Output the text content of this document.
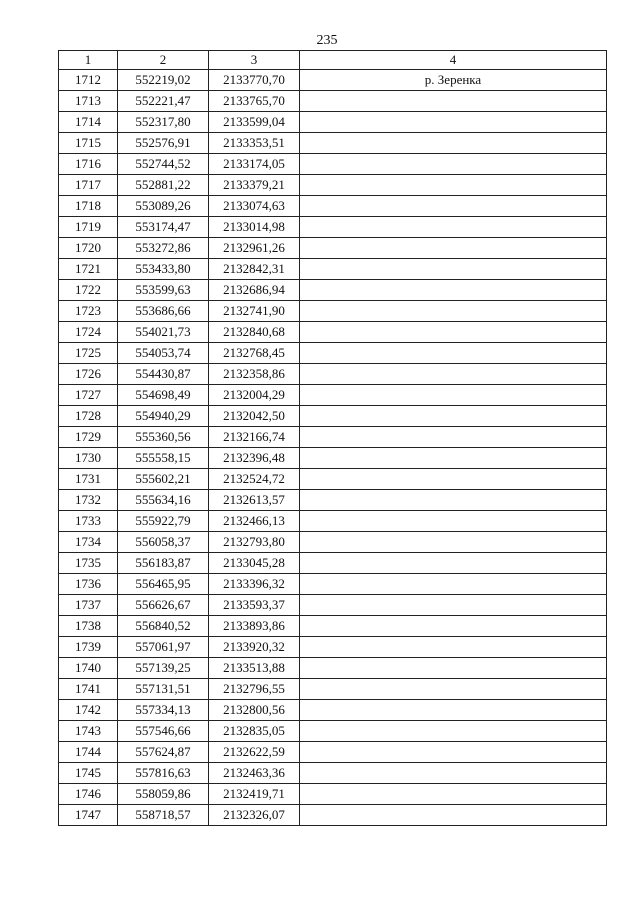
235
1	2	3	4
1712	552219,02	2133770,70	р. Зеренка
1713	552221,47	2133765,70	
1714	552317,80	2133599,04	
1715	552576,91	2133353,51	
1716	552744,52	2133174,05	
1717	552881,22	2133379,21	
1718	553089,26	2133074,63	
1719	553174,47	2133014,98	
1720	553272,86	2132961,26	
1721	553433,80	2132842,31	
1722	553599,63	2132686,94	
1723	553686,66	2132741,90	
1724	554021,73	2132840,68	
1725	554053,74	2132768,45	
1726	554430,87	2132358,86	
1727	554698,49	2132004,29	
1728	554940,29	2132042,50	
1729	555360,56	2132166,74	
1730	555558,15	2132396,48	
1731	555602,21	2132524,72	
1732	555634,16	2132613,57	
1733	555922,79	2132466,13	
1734	556058,37	2132793,80	
1735	556183,87	2133045,28	
1736	556465,95	2133396,32	
1737	556626,67	2133593,37	
1738	556840,52	2133893,86	
1739	557061,97	2133920,32	
1740	557139,25	2133513,88	
1741	557131,51	2132796,55	
1742	557334,13	2132800,56	
1743	557546,66	2132835,05	
1744	557624,87	2132622,59	
1745	557816,63	2132463,36	
1746	558059,86	2132419,71	
1747	558718,57	2132326,07	
